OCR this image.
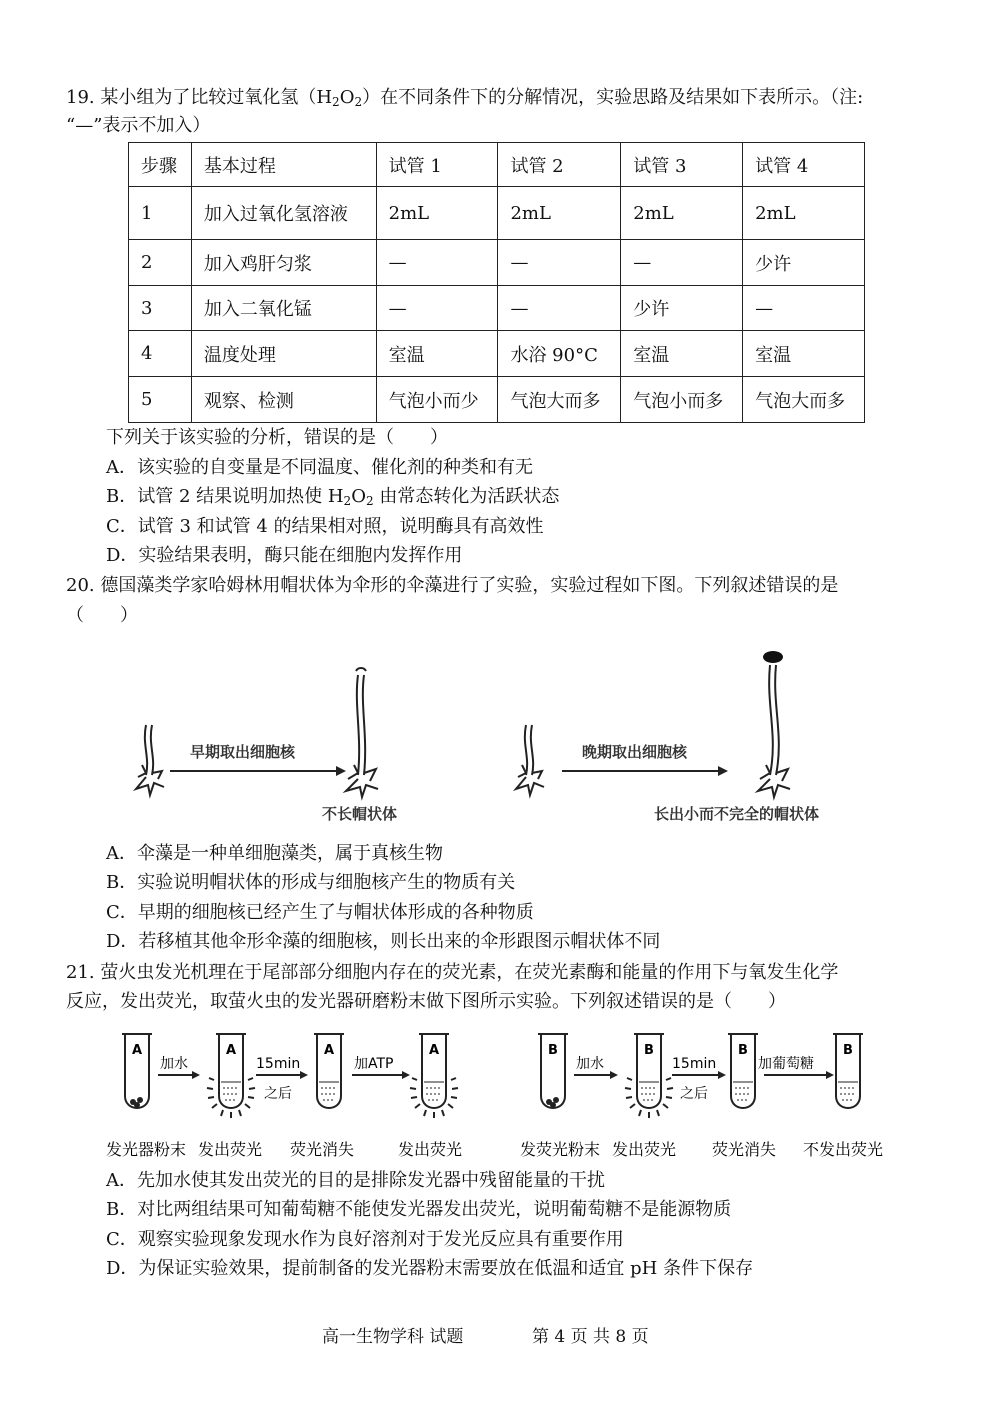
19. 某小组为了比较过氧化氢$(H_2O_2)$在不同条件下的分解情况，实验思路及结果如下表所示。（注:
“—”表示不加入）
步骤	基本过程	试管 1	试管 2	试管 3	试管 4
1	加入过氧化氢溶液	2mL	2mL	2mL	2mL
2	加入鸡肝匀浆	—	—	—	少许
3	加入二氧化锰	—	—	少许	—
4	温度处理	室温	水浴 90°C	室温	室温
5	观察、检测	气泡小而少	气泡大而多	气泡小而多	气泡大而多
下列关于该实验的分析，错误的是（　　）
A．该实验的自变量是不同温度、催化剂的种类和有无
B．试管 2 结果说明加热使 $H_2O_2$ 由常态转化为活跃状态
C．试管 3 和试管 4 的结果相对照，说明酶具有高效性
D．实验结果表明，酶只能在细胞内发挥作用
20. 德国藻类学家哈姆林用帽状体为伞形的伞藻进行了实验，实验过程如下图。下列叙述错误的是
（　　）
早期取出细胞核
不长帽状体
晚期取出细胞核
长出小而不完全的帽状体
A．伞藻是一种单细胞藻类，属于真核生物
B．实验说明帽状体的形成与细胞核产生的物质有关
C．早期的细胞核已经产生了与帽状体形成的各种物质
D．若移植其他伞形伞藻的细胞核，则长出来的伞形跟图示帽状体不同
21. 萤火虫发光机理在于尾部部分细胞内存在的荧光素，在荧光素酶和能量的作用下与氧发生化学
反应，发出荧光，取萤火虫的发光器研磨粉末做下图所示实验。下列叙述错误的是（　　）
A
加水
A
15min
之后
A
加ATP
A
发光器粉末 发出荧光 荧光消失	发出荧光
B
加水
B
15min
之后
B
加葡萄糖
B
发荧光粉末 发出荧光 荧光消失 不发出荧光
A．先加水使其发出荧光的目的是排除发光器中残留能量的干扰
B．对比两组结果可知葡萄糖不能使发光器发出荧光，说明葡萄糖不是能源物质
C．观察实验现象发现水作为良好溶剂对于发光反应具有重要作用
D．为保证实验效果，提前制备的发光器粉末需要放在低温和适宜 pH 条件下保存
高一生物学科 试题	第 4 页 共 8 页
